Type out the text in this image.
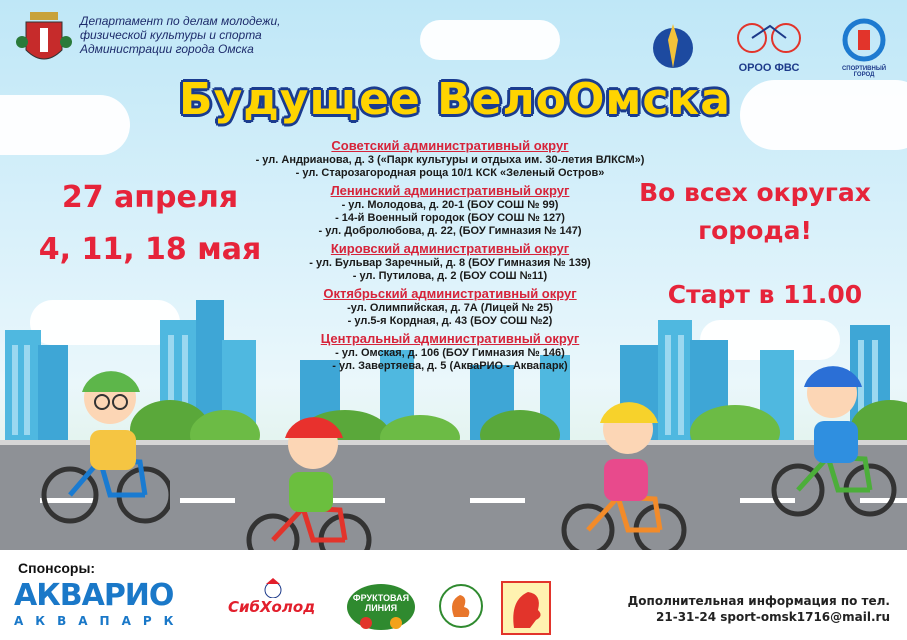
Департамент по делам молодежи,
физической культуры и спорта
Администрации города Омска
ОРОО ФВС	СПОРТИВНЫЙ ГОРОД
Будущее ВелоОмска
27 апреля
4, 11, 18 мая
Во всех округах
города!
Старт в 11.00
Советский административный округ
- ул. Андрианова, д. 3 («Парк культуры и отдыха им. 30-летия ВЛКСМ»)
- ул. Старозагородная роща 10/1 КСК «Зеленый Остров»
Ленинский административный округ
- ул. Молодова, д. 20-1 (БОУ СОШ № 99)
- 14-й Военный городок (БОУ СОШ № 127)
- ул. Добролюбова, д. 22, (БОУ Гимназия № 147)
Кировский административный округ
- ул. Бульвар Заречный, д. 8 (БОУ Гимназия № 139)
- ул. Путилова, д. 2 (БОУ СОШ №11)
Октябрьский административный округ
-ул. Олимпийская, д. 7А (Лицей № 25)
- ул.5-я Кордная, д. 43 (БОУ СОШ №2)
Центральный административный округ
- ул. Омская, д. 106 (БОУ Гимназия № 146)
- ул. Завертяева, д. 5 (АкваРИО - Аквапарк)
Спонсоры:
АКВАРИО
АКВАПАРК
СибХолод	ФРУКТОВАЯ ЛИНИЯ	Дополнительная информация по тел.
21-31-24 sport-omsk1716@mail.ru
